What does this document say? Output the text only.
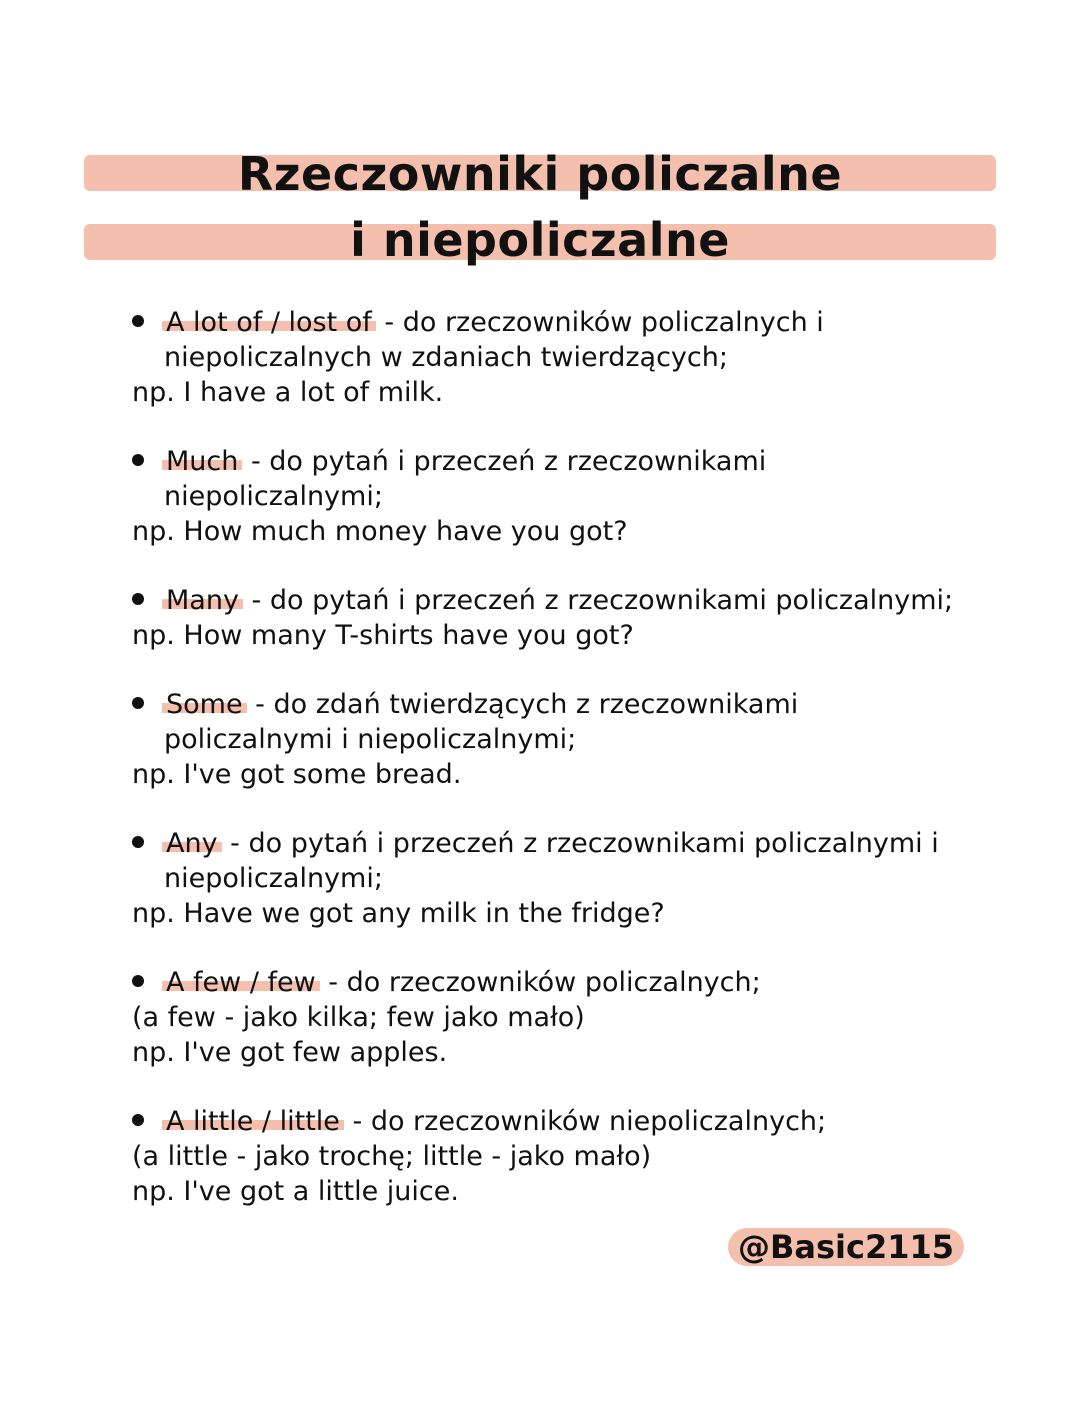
Rzeczowniki policzalne
i niepoliczalne
A lot of / lost of - do rzeczowników policzalnych i
niepoliczalnych w zdaniach twierdzących;
np. I have a lot of milk.
Much - do pytań i przeczeń z rzeczownikami
niepoliczalnymi;
np. How much money have you got?
Many - do pytań i przeczeń z rzeczownikami policzalnymi;
np. How many T-shirts have you got?
Some - do zdań twierdzących z rzeczownikami
policzalnymi i niepoliczalnymi;
np. I've got some bread.
Any - do pytań i przeczeń z rzeczownikami policzalnymi i
niepoliczalnymi;
np. Have we got any milk in the fridge?
A few / few - do rzeczowników policzalnych;
(a few - jako kilka; few jako mało)
np. I've got few apples.
A little / little - do rzeczowników niepoliczalnych;
(a little - jako trochę; little - jako mało)
np. I've got a little juice.
@Basic2115
